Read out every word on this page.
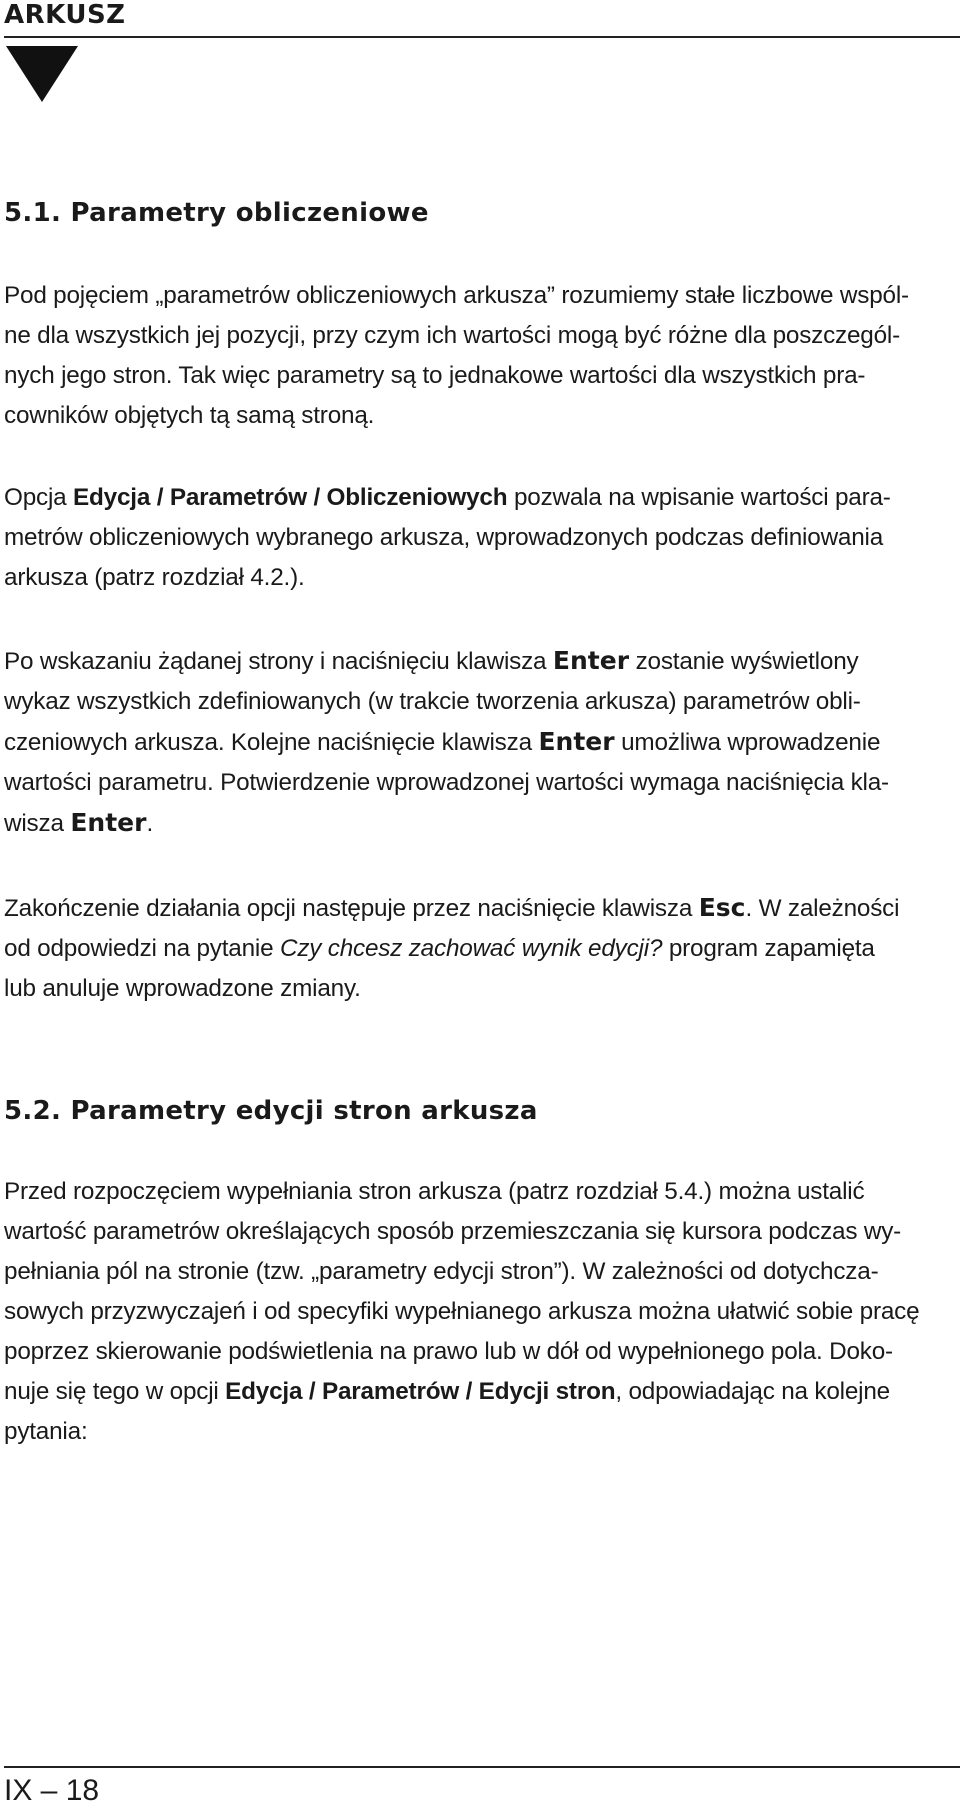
ARKUSZ
5.1. Parametry obliczeniowe
Pod pojęciem „parametrów obliczeniowych arkusza” rozumiemy stałe liczbowe wspól-
ne dla wszystkich jej pozycji, przy czym ich wartości mogą być różne dla poszczegól-
nych jego stron. Tak więc parametry są to jednakowe wartości dla wszystkich pra-
cowników objętych tą samą stroną.
Opcja Edycja / Parametrów / Obliczeniowych pozwala na wpisanie wartości para-
metrów obliczeniowych wybranego arkusza, wprowadzonych podczas definiowania
arkusza (patrz rozdział 4.2.).
Po wskazaniu żądanej strony i naciśnięciu klawisza Enter zostanie wyświetlony
wykaz wszystkich zdefiniowanych (w trakcie tworzenia arkusza) parametrów obli-
czeniowych arkusza. Kolejne naciśnięcie klawisza Enter umożliwa wprowadzenie
wartości parametru. Potwierdzenie wprowadzonej wartości wymaga naciśnięcia kla-
wisza Enter.
Zakończenie działania opcji następuje przez naciśnięcie klawisza Esc. W zależności
od odpowiedzi na pytanie Czy chcesz zachować wynik edycji? program zapamięta
lub anuluje wprowadzone zmiany.
5.2. Parametry edycji stron arkusza
Przed rozpoczęciem wypełniania stron arkusza (patrz rozdział 5.4.) można ustalić
wartość parametrów określających sposób przemieszczania się kursora podczas wy-
pełniania pól na stronie (tzw. „parametry edycji stron”). W zależności od dotychcza-
sowych przyzwyczajeń i od specyfiki wypełnianego arkusza można ułatwić sobie pracę
poprzez skierowanie podświetlenia na prawo lub w dół od wypełnionego pola. Doko-
nuje się tego w opcji Edycja / Parametrów / Edycji stron, odpowiadając na kolejne
pytania:
IX – 18
